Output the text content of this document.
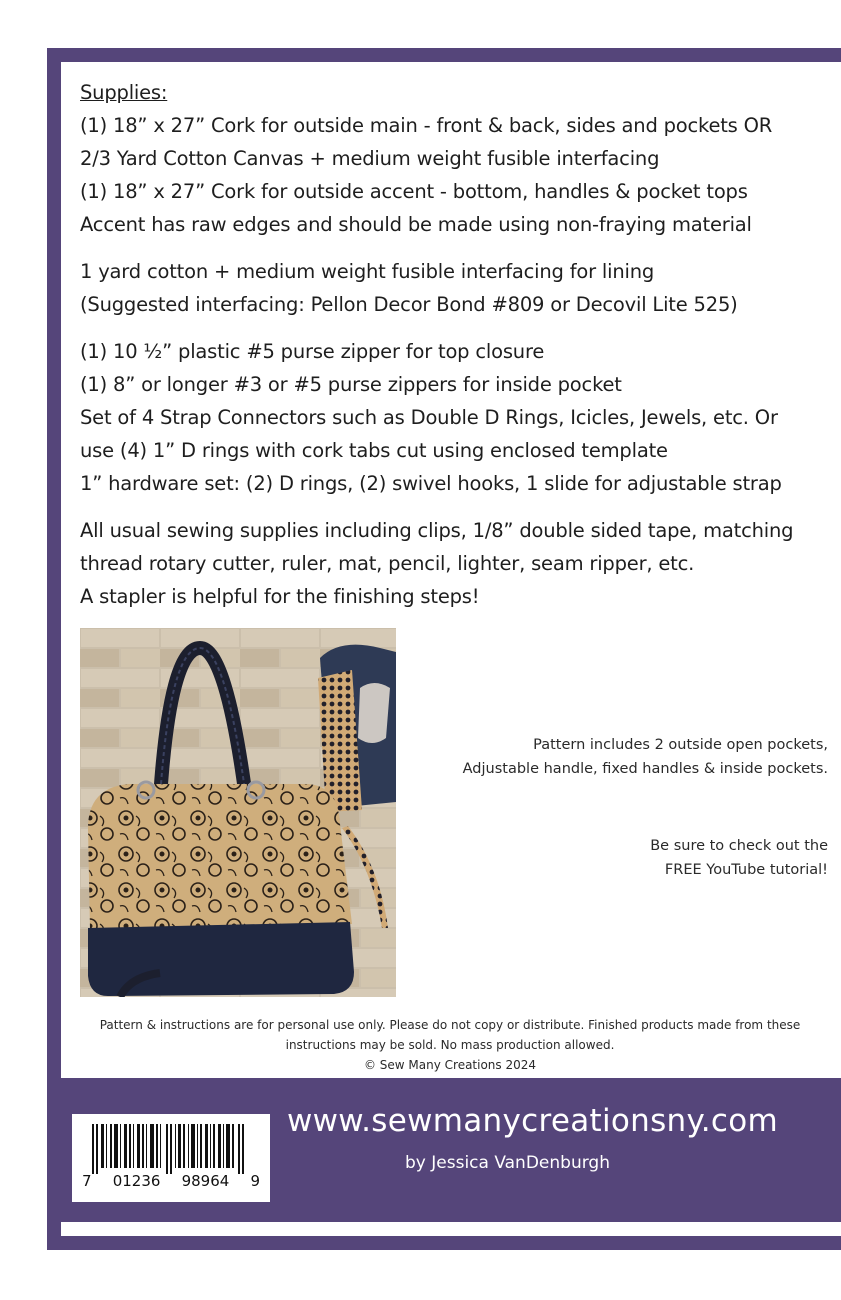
Supplies:
(1) 18” x 27” Cork for outside main - front & back, sides and pockets OR
2/3 Yard Cotton Canvas + medium weight fusible interfacing
(1) 18” x 27” Cork for outside accent - bottom, handles & pocket tops
Accent has raw edges and should be made using non-fraying material
1 yard cotton + medium weight fusible interfacing for lining
(Suggested interfacing: Pellon Decor Bond #809 or Decovil Lite 525)
(1) 10 ½” plastic #5 purse zipper for top closure
(1) 8” or longer #3 or #5 purse zippers for inside pocket
Set of 4 Strap Connectors such as Double D Rings, Icicles, Jewels, etc. Or
use (4) 1” D rings with cork tabs cut using enclosed template
1” hardware set: (2) D rings, (2) swivel hooks, 1 slide for adjustable strap
All usual sewing supplies including clips, 1/8” double sided tape, matching
thread rotary cutter, ruler, mat, pencil, lighter, seam ripper, etc.
A stapler is helpful for the finishing steps!
Pattern includes 2 outside open pockets,
Adjustable handle, fixed handles & inside pockets.
Be sure to check out the
FREE YouTube tutorial!
Pattern & instructions are for personal use only. Please do not copy or distribute. Finished products made from these
instructions may be sold. No mass production allowed.
© Sew Many Creations 2024
7 01236 98964 9
www.sewmanycreationsny.com
by Jessica VanDenburgh
